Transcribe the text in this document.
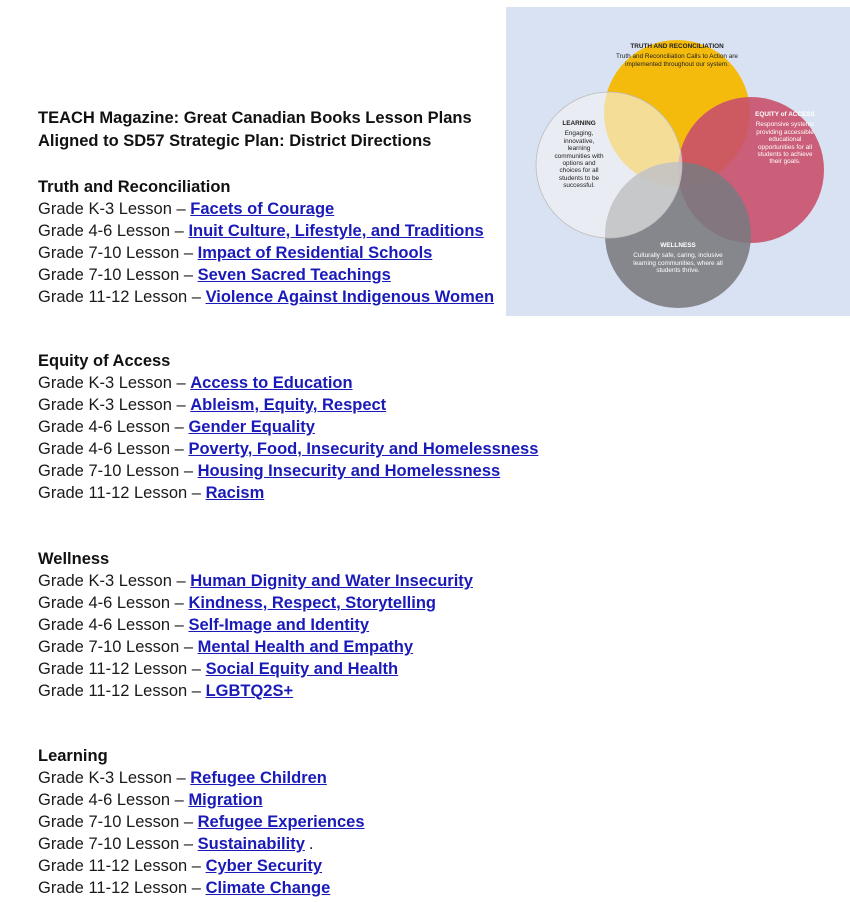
TEACH Magazine: Great Canadian Books Lesson Plans
Aligned to SD57 Strategic Plan: District Directions
TRUTH AND RECONCILIATION
Truth and Reconciliation Calls to Action are implemented throughout our system.
EQUITY of ACCESS
Responsive systems providing accessible educational opportunities for all students to achieve their goals.
LEARNING
Engaging, innovative, learning communities with options and choices for all students to be successful.
WELLNESS
Culturally safe, caring, inclusive learning communities, where all students thrive.
Truth and Reconciliation
Grade K-3 Lesson – Facets of Courage
Grade 4-6 Lesson – Inuit Culture, Lifestyle, and Traditions
Grade 7-10 Lesson – Impact of Residential Schools
Grade 7-10 Lesson – Seven Sacred Teachings
Grade 11-12 Lesson – Violence Against Indigenous Women
Equity of Access
Grade K-3 Lesson – Access to Education
Grade K-3 Lesson – Ableism, Equity, Respect
Grade 4-6 Lesson – Gender Equality
Grade 4-6 Lesson – Poverty, Food, Insecurity and Homelessness
Grade 7-10 Lesson – Housing Insecurity and Homelessness
Grade 11-12 Lesson – Racism
Wellness
Grade K-3 Lesson – Human Dignity and Water Insecurity
Grade 4-6 Lesson – Kindness, Respect, Storytelling
Grade 4-6 Lesson – Self-Image and Identity
Grade 7-10 Lesson – Mental Health and Empathy
Grade 11-12 Lesson – Social Equity and Health
Grade 11-12 Lesson – LGBTQ2S+
Learning
Grade K-3 Lesson – Refugee Children
Grade 4-6 Lesson – Migration
Grade 7-10 Lesson – Refugee Experiences
Grade 7-10 Lesson – Sustainability .
Grade 11-12 Lesson – Cyber Security
Grade 11-12 Lesson – Climate Change
